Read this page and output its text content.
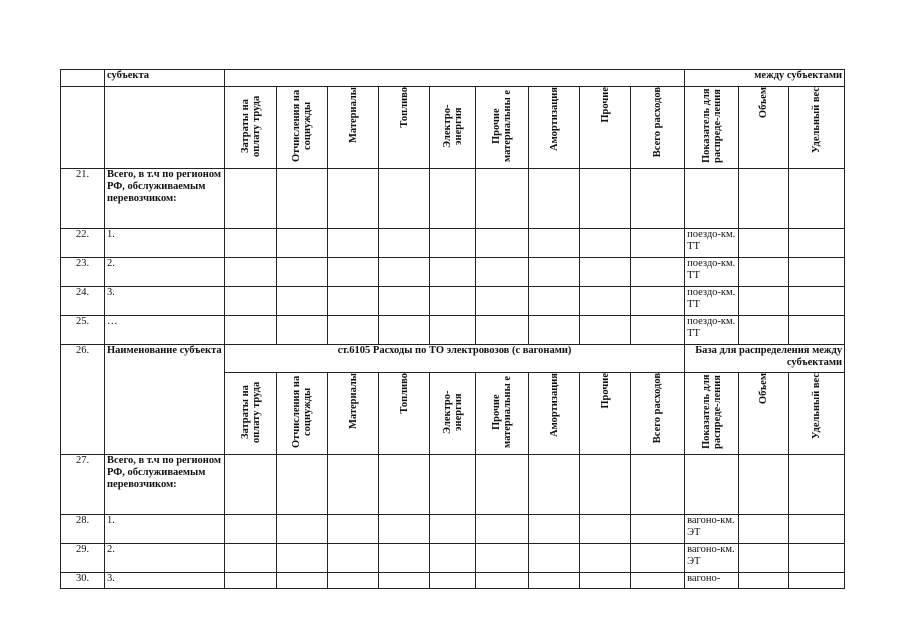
	субъекта										между субъектами		

		Затраты на оплату труда	Отчисления на соцнужды	Материалы	Топливо	Электро-энергия	Прочие материальны е	Амортизация	Прочие	Всего расходов	Показатель для распреде-ления	Объем	Удельный вес

21.	Всего, в т.ч по регионом РФ, обслуживаемым перевозчиком:												
22.	1.										поездо-км. ТТ		
23.	2.										поездо-км. ТТ		
24.	3.										поездо-км. ТТ		
25.	…										поездо-км. ТТ		
26.	Наименование субъекта	ст.6105 Расходы по ТО электровозов (с вагонами)									База для распределения между субъектами		

		Затраты на оплату труда	Отчисления на соцнужды	Материалы	Топливо	Электро-энергия	Прочие материальны е	Амортизация	Прочие	Всего расходов	Показатель для распреде-ления	Объем	Удельный вес

27.	Всего, в т.ч по регионом РФ, обслуживаемым перевозчиком:												
28.	1.										вагоно-км. ЭТ		
29.	2.										вагоно-км. ЭТ		
30.	3.										вагоно-		
